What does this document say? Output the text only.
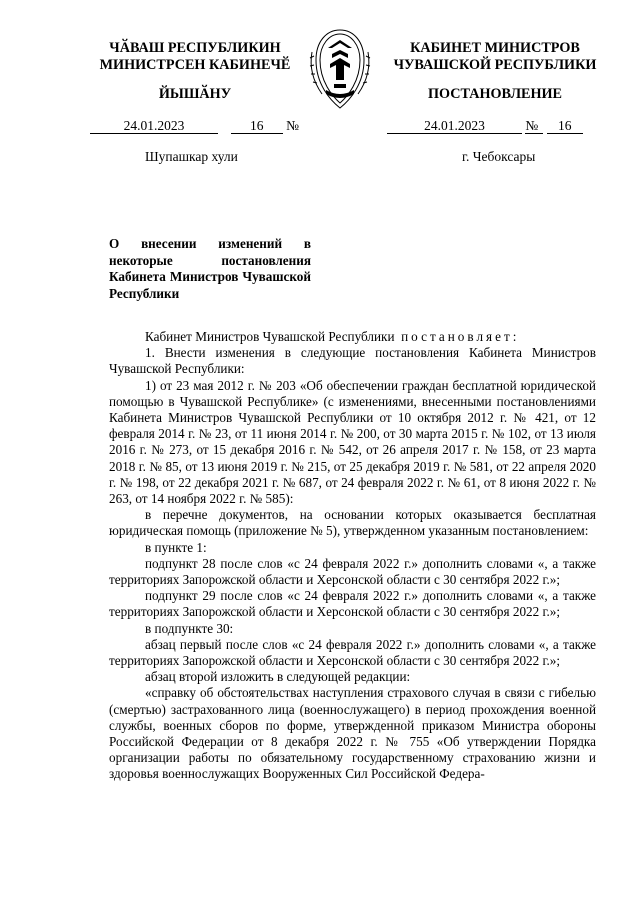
ЧӐВАШ РЕСПУБЛИКИН
МИНИСТРСЕН КАБИНЕЧӖ
КАБИНЕТ МИНИСТРОВ
ЧУВАШСКОЙ РЕСПУБЛИКИ
ЙЫШӐНУ	ПОСТАНОВЛЕНИЕ
24.01.2023	16 №	24.01.2023	№ 16
Шупашкар хули	г. Чебоксары
О внесении изменений в некоторые постановления Кабинета Министров Чувашской Республики

Кабинет Министров Чувашской Республики постановляет:

1. Внести изменения в следующие постановления Кабинета Министров Чувашской Республики:

1) от 23 мая 2012 г. № 203 «Об обеспечении граждан бесплатной юридической помощью в Чувашской Республике» (с изменениями, внесенными постановлениями Кабинета Министров Чувашской Республики от 10 октября 2012 г. № 421, от 12 февраля 2014 г. № 23, от 11 июня 2014 г. № 200, от 30 марта 2015 г. № 102, от 13 июля 2016 г. № 273, от 15 декабря 2016 г. № 542, от 26 апреля 2017 г. № 158, от 23 марта 2018 г. № 85, от 13 июня 2019 г. № 215, от 25 декабря 2019 г. № 581, от 22 апреля 2020 г. № 198, от 22 декабря 2021 г. № 687, от 24 февраля 2022 г. № 61, от 8 июня 2022 г. № 263, от 14 ноября 2022 г. № 585):

в перечне документов, на основании которых оказывается бесплатная юридическая помощь (приложение № 5), утвержденном указанным постановлением:

в пункте 1:

подпункт 28 после слов «с 24 февраля 2022 г.» дополнить словами «, а также территориях Запорожской области и Херсонской области с 30 сентября 2022 г.»;

подпункт 29 после слов «с 24 февраля 2022 г.» дополнить словами «, а также территориях Запорожской области и Херсонской области с 30 сентября 2022 г.»;

в подпункте 30:

абзац первый после слов «с 24 февраля 2022 г.» дополнить словами «, а также территориях Запорожской области и Херсонской области с 30 сентября 2022 г.»;

абзац второй изложить в следующей редакции:

«справку об обстоятельствах наступления страхового случая в связи с гибелью (смертью) застрахованного лица (военнослужащего) в период прохождения военной службы, военных сборов по форме, утвержденной приказом Министра обороны Российской Федерации от 8 декабря 2022 г. № 755 «Об утверждении Порядка организации работы по обязательному государственному страхованию жизни и здоровья военнослужащих Вооруженных Сил Российской Федера-
